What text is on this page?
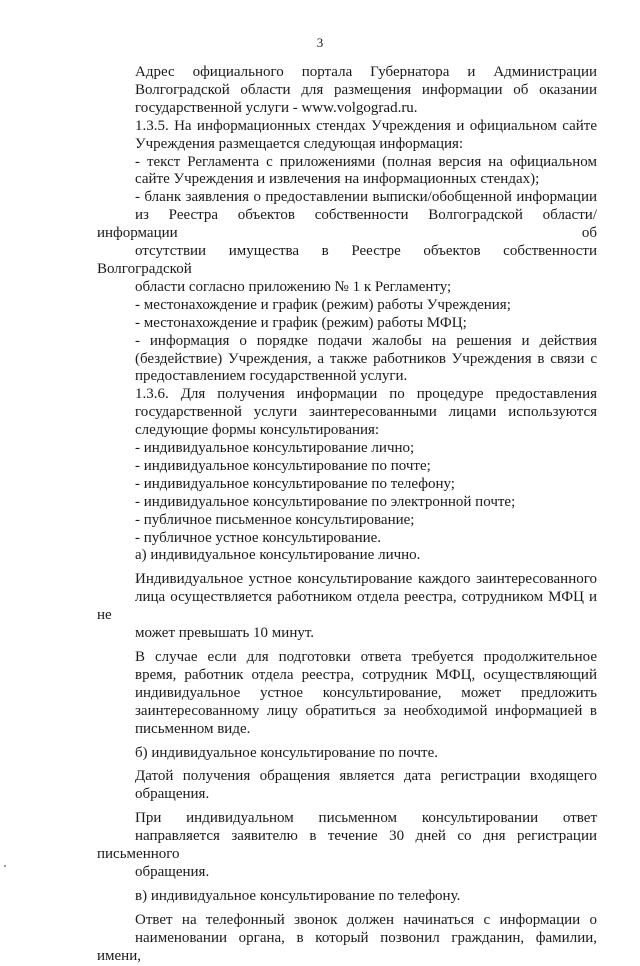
3

Адрес официального портала Губернатора и Администрации
Волгоградской области для размещения информации об оказании
государственной услуги - www.volgograd.ru.

1.3.5. На информационных стендах Учреждения и официальном сайте
Учреждения размещается следующая информация:

- текст Регламента с приложениями (полная версия на официальном
сайте Учреждения и извлечения на информационных стендах);

- бланк заявления о предоставлении выписки/обобщенной информации
из Реестра объектов собственности Волгоградской области/информации об
отсутствии имущества в Реестре объектов собственности Волгоградской
области согласно приложению № 1 к Регламенту;

- местонахождение и график (режим) работы Учреждения;

- местонахождение и график (режим) работы МФЦ;

- информация о порядке подачи жалобы на решения и действия
(бездействие) Учреждения, а также работников Учреждения в связи с
предоставлением государственной услуги.

1.3.6. Для получения информации по процедуре предоставления
государственной услуги заинтересованными лицами используются
следующие формы консультирования:

- индивидуальное консультирование лично;

- индивидуальное консультирование по почте;

- индивидуальное консультирование по телефону;

- индивидуальное консультирование по электронной почте;

- публичное письменное консультирование;

- публичное устное консультирование.

а) индивидуальное консультирование лично.

Индивидуальное устное консультирование каждого заинтересованного
лица осуществляется работником отдела реестра, сотрудником МФЦ и не
может превышать 10 минут.

В случае если для подготовки ответа требуется продолжительное
время, работник отдела реестра, сотрудник МФЦ, осуществляющий
индивидуальное устное консультирование, может предложить
заинтересованному лицу обратиться за необходимой информацией в
письменном виде.

б) индивидуальное консультирование по почте.

Датой получения обращения является дата регистрации входящего
обращения.

При индивидуальном письменном консультировании ответ
направляется заявителю в течение 30 дней со дня регистрации письменного
обращения.

в) индивидуальное консультирование по телефону.

Ответ на телефонный звонок должен начинаться с информации о
наименовании органа, в который позвонил гражданин, фамилии, имени,
